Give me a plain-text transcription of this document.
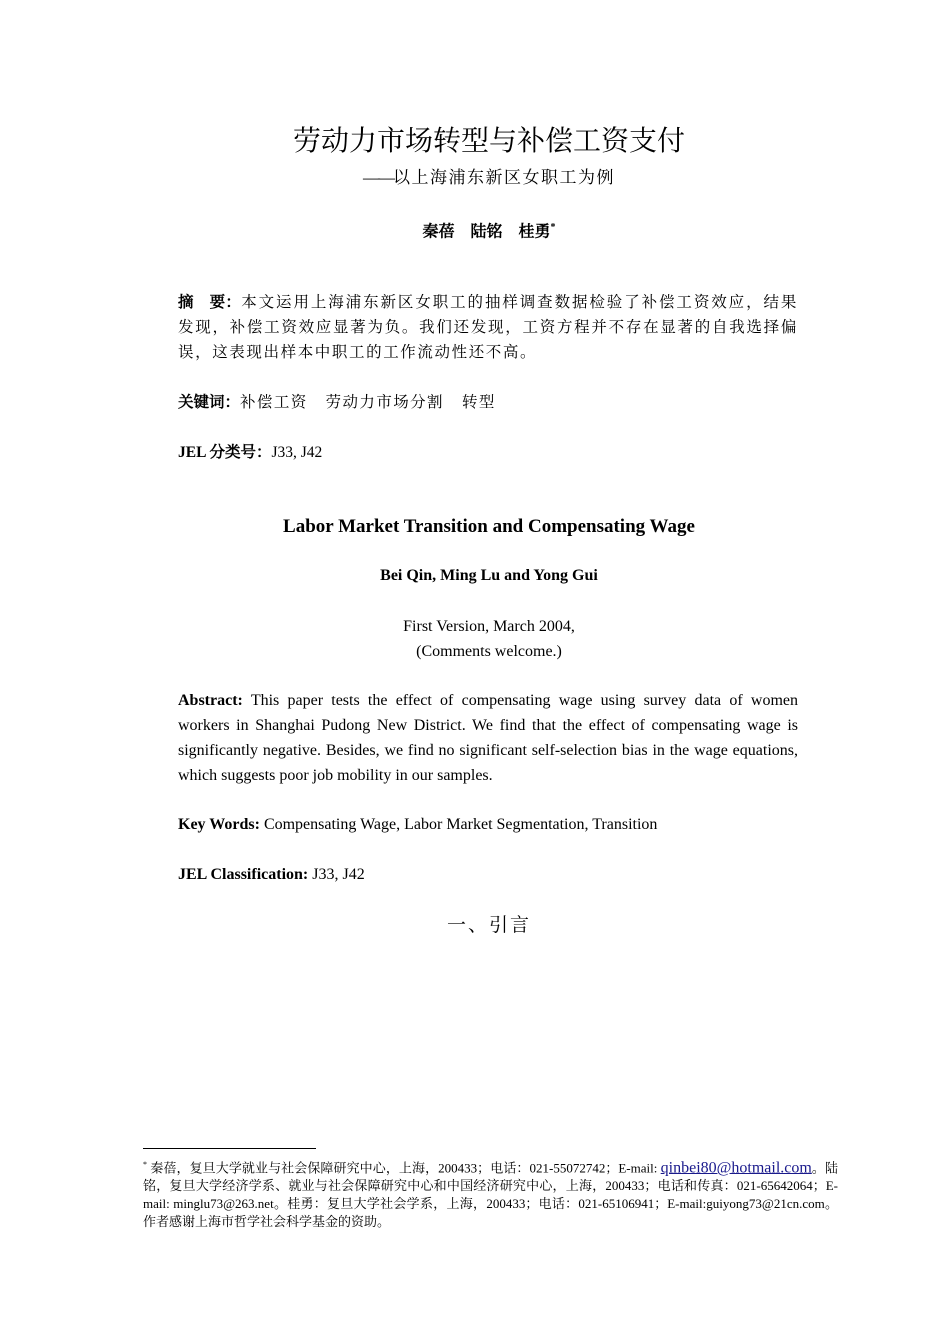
劳动力市场转型与补偿工资支付
——以上海浦东新区女职工为例
秦蓓 陆铭 桂勇*
摘　要：本文运用上海浦东新区女职工的抽样调查数据检验了补偿工资效应，结果发现，补偿工资效应显著为负。我们还发现，工资方程并不存在显著的自我选择偏误，这表现出样本中职工的工作流动性还不高。
关键词：补偿工资 劳动力市场分割 转型
JEL 分类号：J33, J42
Labor Market Transition and Compensating Wage
Bei Qin, Ming Lu and Yong Gui
First Version, March 2004,
(Comments welcome.)
Abstract: This paper tests the effect of compensating wage using survey data of women workers in Shanghai Pudong New District. We find that the effect of compensating wage is significantly negative. Besides, we find no significant self-selection bias in the wage equations, which suggests poor job mobility in our samples.
Key Words: Compensating Wage, Labor Market Segmentation, Transition
JEL Classification: J33, J42
一、引言
* 秦蓓，复旦大学就业与社会保障研究中心，上海，200433；电话：021-55072742；E-mail: qinbei80@hotmail.com。陆铭，复旦大学经济学系、就业与社会保障研究中心和中国经济研究中心，上海，200433；电话和传真：021-65642064；E-mail: minglu73@263.net。桂勇：复旦大学社会学系，上海，200433；电话：021-65106941；E-mail:guiyong73@21cn.com。作者感谢上海市哲学社会科学基金的资助。
